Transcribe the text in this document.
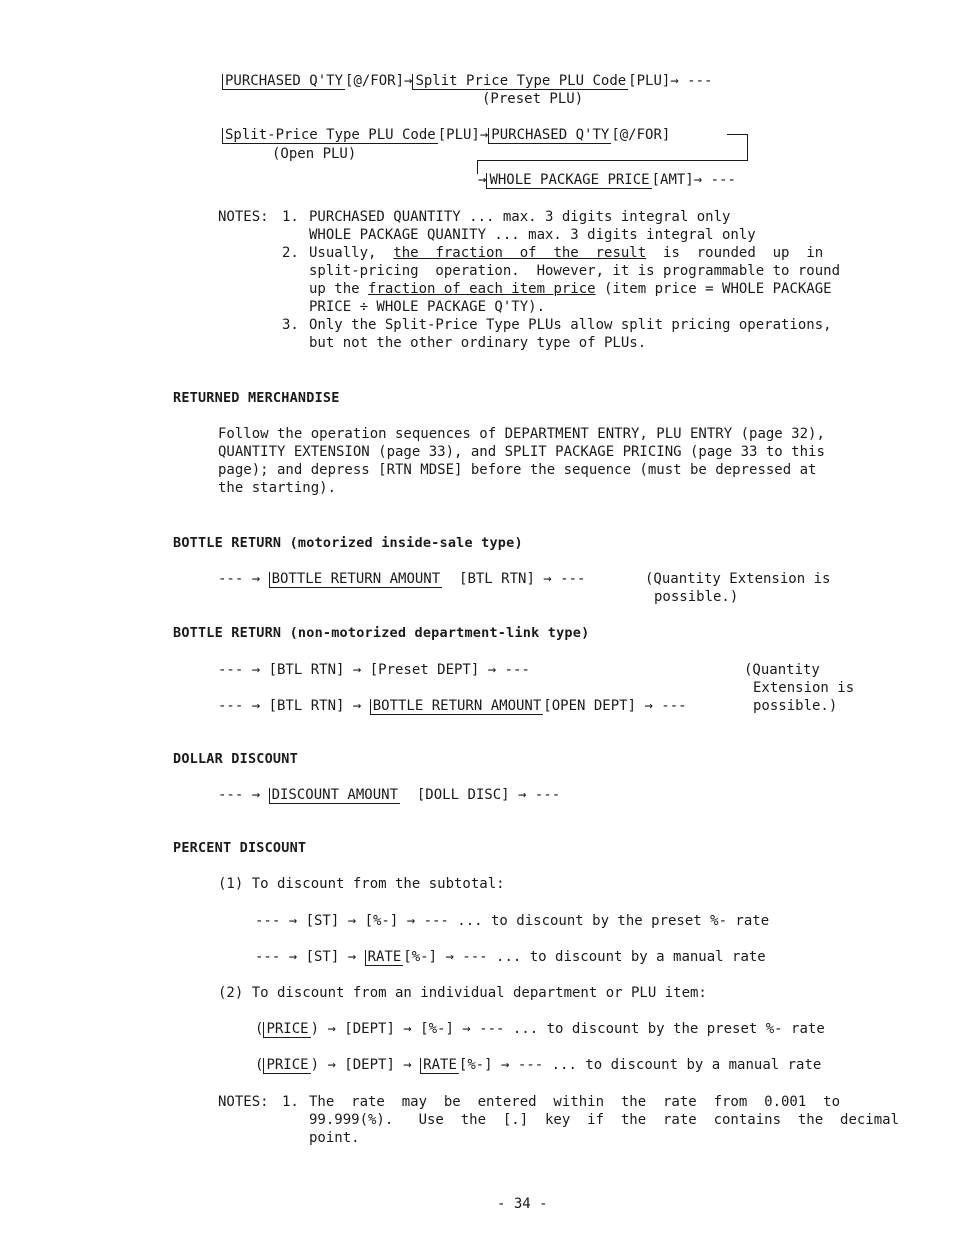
PURCHASED Q'TY [@/FOR]→ Split Price Type PLU Code [PLU]→ ---
(Preset PLU)
Split-Price Type PLU Code [PLU]→ PURCHASED Q'TY [@/FOR]
(Open PLU)
→ WHOLE PACKAGE PRICE [AMT]→ ---
NOTES: 1. PURCHASED QUANTITY ... max. 3 digits integral only
WHOLE PACKAGE QUANITY ... max. 3 digits integral only
2. Usually,  the  fraction  of  the  result  is  rounded  up  in
split-pricing  operation.  However, it is programmable to round
up the fraction of each item price (item price = WHOLE PACKAGE
PRICE ÷ WHOLE PACKAGE Q'TY).
3. Only the Split-Price Type PLUs allow split pricing operations,
but not the other ordinary type of PLUs.
RETURNED MERCHANDISE
Follow the operation sequences of DEPARTMENT ENTRY, PLU ENTRY (page 32),
QUANTITY EXTENSION (page 33), and SPLIT PACKAGE PRICING (page 33 to this
page); and depress [RTN MDSE] before the sequence (must be depressed at
the starting).
BOTTLE RETURN (motorized inside-sale type)
--- → BOTTLE RETURN AMOUNT  [BTL RTN] → ---	(Quantity Extension is
possible.)
BOTTLE RETURN (non-motorized department-link type)
--- → [BTL RTN] → [Preset DEPT] → ---
--- → [BTL RTN] → BOTTLE RETURN AMOUNT [OPEN DEPT] → ---
(Quantity
Extension is
possible.)
DOLLAR DISCOUNT
--- → DISCOUNT AMOUNT  [DOLL DISC] → ---
PERCENT DISCOUNT
(1) To discount from the subtotal:
--- → [ST] → [%-] → --- ... to discount by the preset %- rate
--- → [ST] → RATE [%-] → --- ... to discount by a manual rate
(2) To discount from an individual department or PLU item:
( PRICE ) → [DEPT] → [%-] → --- ... to discount by the preset %- rate
( PRICE ) → [DEPT] → RATE [%-] → --- ... to discount by a manual rate
NOTES: 1. The  rate  may  be  entered  within  the  rate  from  0.001  to
99.999(%).   Use  the  [.]  key  if  the  rate  contains  the  decimal
point.
- 34 -
